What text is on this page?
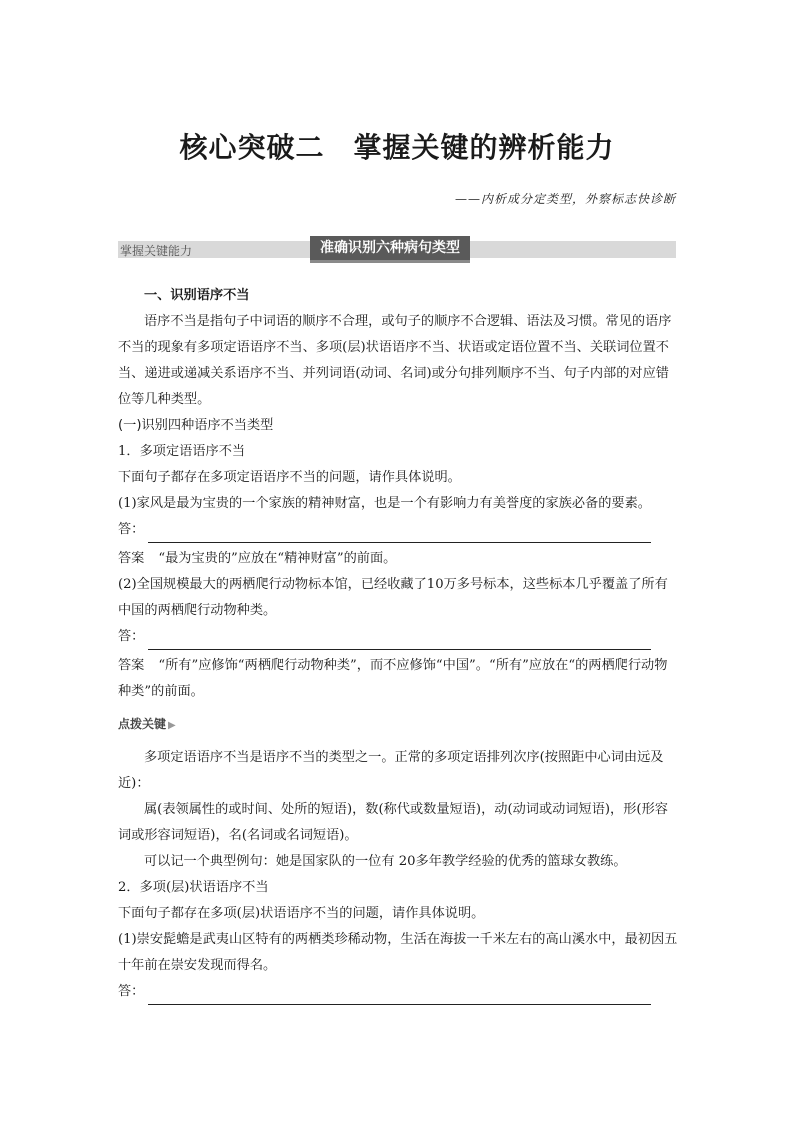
核心突破二　掌握关键的辨析能力
——内析成分定类型，外察标志快诊断
掌握关键能力	准确识别六种病句类型

一、识别语序不当

语序不当是指句子中词语的顺序不合理，或句子的顺序不合逻辑、语法及习惯。常见的语序不当的现象有多项定语语序不当、多项(层)状语语序不当、状语或定语位置不当、关联词位置不当、递进或递减关系语序不当、并列词语(动词、名词)或分句排列顺序不当、句子内部的对应错位等几种类型。

(一)识别四种语序不当类型

1．多项定语语序不当

下面句子都存在多项定语语序不当的问题，请作具体说明。

(1)家风是最为宝贵的一个家族的精神财富，也是一个有影响力有美誉度的家族必备的要素。

答：

答案 “最为宝贵的”应放在“精神财富”的前面。

(2)全国规模最大的两栖爬行动物标本馆，已经收藏了10万多号标本，这些标本几乎覆盖了所有中国的两栖爬行动物种类。

答：

答案 “所有”应修饰“两栖爬行动物种类”，而不应修饰“中国”。“所有”应放在“的两栖爬行动物种类”的前面。

点拨关键 ▶

多项定语语序不当是语序不当的类型之一。正常的多项定语排列次序(按照距中心词由远及近)：

属(表领属性的或时间、处所的短语)，数(称代或数量短语)，动(动词或动词短语)，形(形容词或形容词短语)，名(名词或名词短语)。

可以记一个典型例句：她是国家队的一位有 20多年教学经验的优秀的篮球女教练。

2．多项(层)状语语序不当

下面句子都存在多项(层)状语语序不当的问题，请作具体说明。

(1)崇安髭蟾是武夷山区特有的两栖类珍稀动物，生活在海拔一千米左右的高山溪水中，最初因五十年前在崇安发现而得名。

答：
